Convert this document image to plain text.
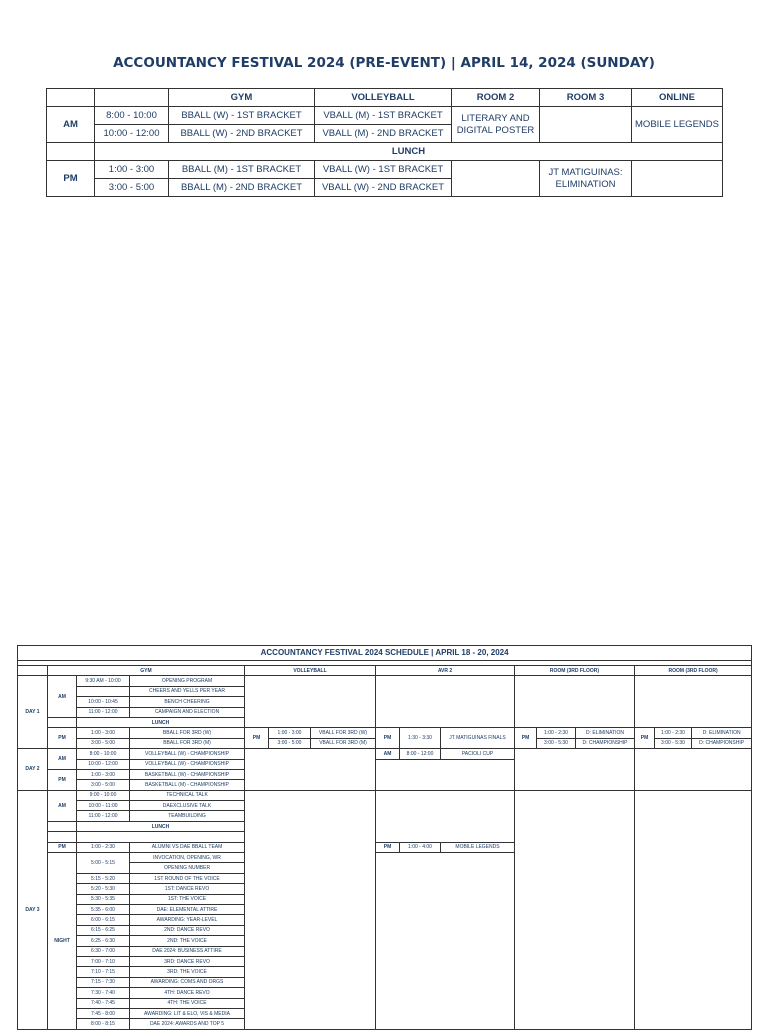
ACCOUNTANCY FESTIVAL 2024 (PRE-EVENT) | APRIL 14, 2024 (SUNDAY)
		GYM	VOLLEYBALL	ROOM 2	ROOM 3	ONLINE
AM	8:00 - 10:00	BBALL (W) - 1ST BRACKET	VBALL (M) - 1ST BRACKET	LITERARY AND DIGITAL POSTER		MOBILE LEGENDS
	10:00 - 12:00	BBALL (W) - 2ND BRACKET	VBALL (M) - 2ND BRACKET			
	LUNCH					
PM	1:00 - 3:00	BBALL (M) - 1ST BRACKET	VBALL (W) - 1ST BRACKET		JT MATIGUINAS: ELIMINATION	
	3:00 - 5:00	BBALL (M) - 2ND BRACKET	VBALL (W) - 2ND BRACKET			
ACCOUNTANCY FESTIVAL 2024 SCHEDULE | APRIL 18 - 20, 2024															

	GYM			VOLLEYBALL			AVR 2			ROOM (3RD FLOOR)			ROOM (3RD FLOOR)		
DAY 1	AM	9:30 AM - 10:00	OPENING PROGRAM												
			CHEERS AND YELLS PER YEAR												
		10:00 - 10:45	BENCH CHEERING												
		11:00 - 12:00	CAMPAIGN AND ELECTION												
		LUNCH													
	PM	1:00 - 3:00	BBALL FOR 3RD (W)	PM	1:00 - 3:00	VBALL FOR 3RD (W)	PM	1:30 - 3:30	JT MATIGUINAS FINALS	PM	1:00 - 2:30	D: ELIMINATION	PM	1:00 - 2:30	D: ELIMINATION
		3:00 - 5:00	BBALL FOR 3RD (M)		3:00 - 5:00	VBALL FOR 3RD (M)					3:00 - 5:30	D: CHAMPIONSHIP		3:00 - 5:30	D: CHAMPIONSHIP
DAY 2	AM	8:00 - 10:00	VOLLEYBALL (W) - CHAMPIONSHIP				AM	8:00 - 12:00	PACIOLI CUP						
		10:00 - 12:00	VOLLEYBALL (W) - CHAMPIONSHIP												
	PM	1:00 - 3:00	BASKETBALL (W) - CHAMPIONSHIP												
		3:00 - 5:00	BASKETBALL (M) - CHAMPIONSHIP												
DAY 3	AM	9:00 - 10:00	TECHNICAL TALK												
		10:00 - 11:00	DAEXCLUSIVE TALK												
		11:00 - 12:00	TEAMBUILDING												
		LUNCH													

	PM	1:00 - 2:30	ALUMNI VS DAE BBALL TEAM				PM	1:00 - 4:00	MOBILE LEGENDS						

	NIGHT	5:00 - 5:15	INVOCATION, OPENING, WR												
			OPENING NUMBER												
		5:15 - 5:20	1ST ROUND OF THE VOICE												
		5:20 - 5:30	1ST: DANCE REVO												
		5:30 - 5:35	1ST: THE VOICE												
		5:35 - 6:00	DAE: ELEMENTAL ATTIRE												
		6:00 - 6:15	AWARDING: YEAR-LEVEL												
		6:15 - 6:25	2ND: DANCE REVO												
		6:25 - 6:30	2ND: THE VOICE												
		6:30 - 7:00	DAE 2024: BUSINESS ATTIRE												
		7:00 - 7:10	3RD: DANCE REVO												
		7:10 - 7:15	3RD: THE VOICE												
		7:15 - 7:30	AWARDING: COMS AND ORGS												
		7:30 - 7:40	4TH: DANCE REVO												
		7:40 - 7:45	4TH: THE VOICE												
		7:45 - 8:00	AWARDING: LIT & ELO, VIS & MEDIA												
		8:00 - 8:15	DAE 2024: AWARDS AND TOP 5												
